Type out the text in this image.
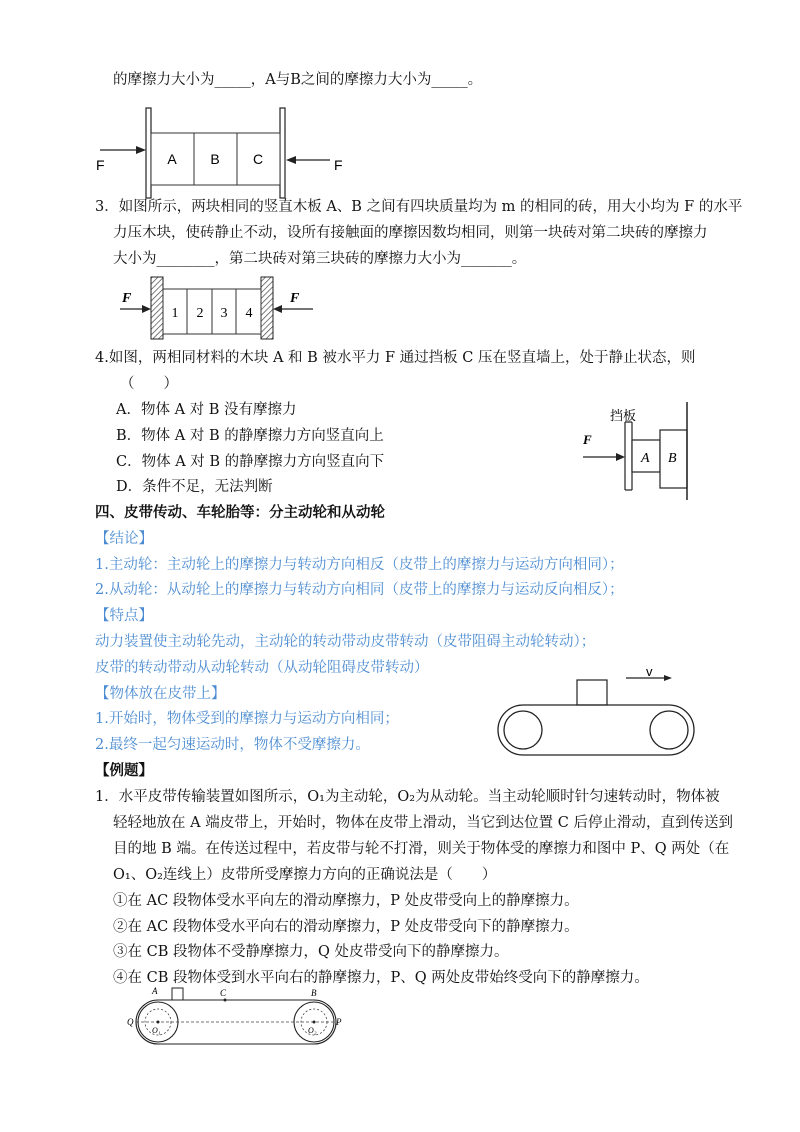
的摩擦力大小为_____，A与B之间的摩擦力大小为_____。
A B C
F	F
3．如图所示，两块相同的竖直木板 A、B 之间有四块质量均为 m 的相同的砖，用大小均为 F 的水平
力压木块，使砖静止不动，设所有接触面的摩擦因数均相同，则第一块砖对第二块砖的摩擦力
大小为________，第二块砖对第三块砖的摩擦力大小为_______。
1 2 3 4
F	F
4.如图，两相同材料的木块 A 和 B 被水平力 F 通过挡板 C 压在竖直墙上，处于静止状态，则
（　　）
A．物体 A 对 B 没有摩擦力
B．物体 A 对 B 的静摩擦力方向竖直向上
C．物体 A 对 B 的静摩擦力方向竖直向下
D．条件不足，无法判断
挡板
A B
F
四、皮带传动、车轮胎等：分主动轮和从动轮
【结论】
1.主动轮：主动轮上的摩擦力与转动方向相反（皮带上的摩擦力与运动方向相同）；
2.从动轮：从动轮上的摩擦力与转动方向相同（皮带上的摩擦力与运动反向相反）；
【特点】
动力装置使主动轮先动，主动轮的转动带动皮带转动（皮带阻碍主动轮转动）；
皮带的转动带动从动轮转动（从动轮阻碍皮带转动）
【物体放在皮带上】
1.开始时，物体受到的摩擦力与运动方向相同；
2.最终一起匀速运动时，物体不受摩擦力。
v
【例题】
1．水平皮带传输装置如图所示，O₁为主动轮，O₂为从动轮。当主动轮顺时针匀速转动时，物体被
轻轻地放在 A 端皮带上，开始时，物体在皮带上滑动，当它到达位置 C 后停止滑动，直到传送到
目的地 B 端。在传送过程中，若皮带与轮不打滑，则关于物体受的摩擦力和图中 P、Q 两处（在
O₁、O₂连线上）皮带所受摩擦力方向的正确说法是（　　）
①在 AC 段物体受水平向左的滑动摩擦力，P 处皮带受向上的静摩擦力。
②在 AC 段物体受水平向右的滑动摩擦力，P 处皮带受向下的静摩擦力。
③在 CB 段物体不受静摩擦力，Q 处皮带受向下的静摩擦力。
④在 CB 段物体受到水平向右的静摩擦力，P、Q 两处皮带始终受向下的静摩擦力。
A	C	B
Q	P
O₁	O₂
